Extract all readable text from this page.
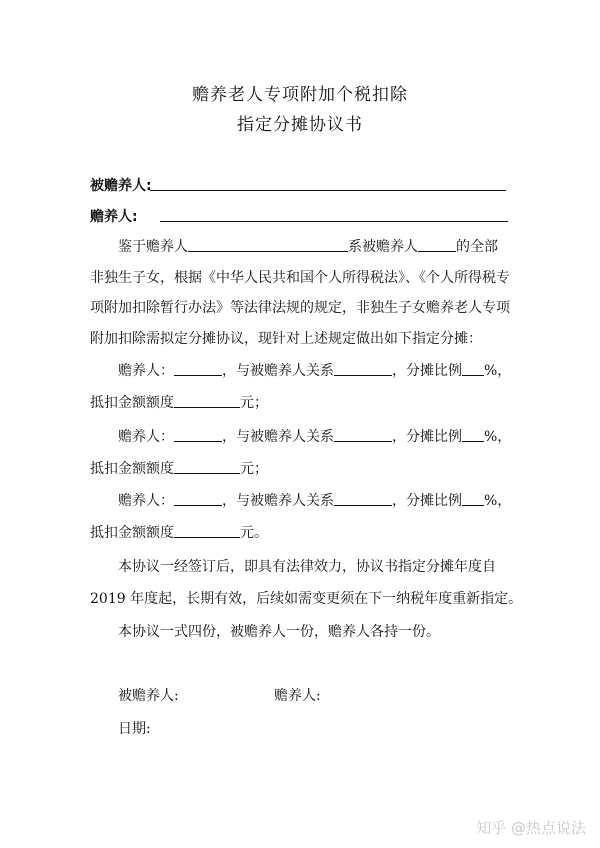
赡养老人专项附加个税扣除
指定分摊协议书
被赡养人:
赡养人:
鉴于赡养人	系被赡养人	的全部
非独生子女，根据《中华人民共和国个人所得税法》、《个人所得税专
项附加扣除暂行办法》等法律法规的规定，非独生子女赡养老人专项
附加扣除需拟定分摊协议，现针对上述规定做出如下指定分摊：
赡养人：	，与被赡养人关系	，分摊比例 %，
抵扣金额额度	元；
赡养人：	，与被赡养人关系	，分摊比例 %，
抵扣金额额度	元；
赡养人：	，与被赡养人关系	，分摊比例 %，
抵扣金额额度	元。
本协议一经签订后，即具有法律效力，协议书指定分摊年度自
2019 年度起，长期有效，后续如需变更须在下一纳税年度重新指定。
本协议一式四份，被赡养人一份，赡养人各持一份。
被赡养人:	赡养人:
日期:
知乎 @热点说法
